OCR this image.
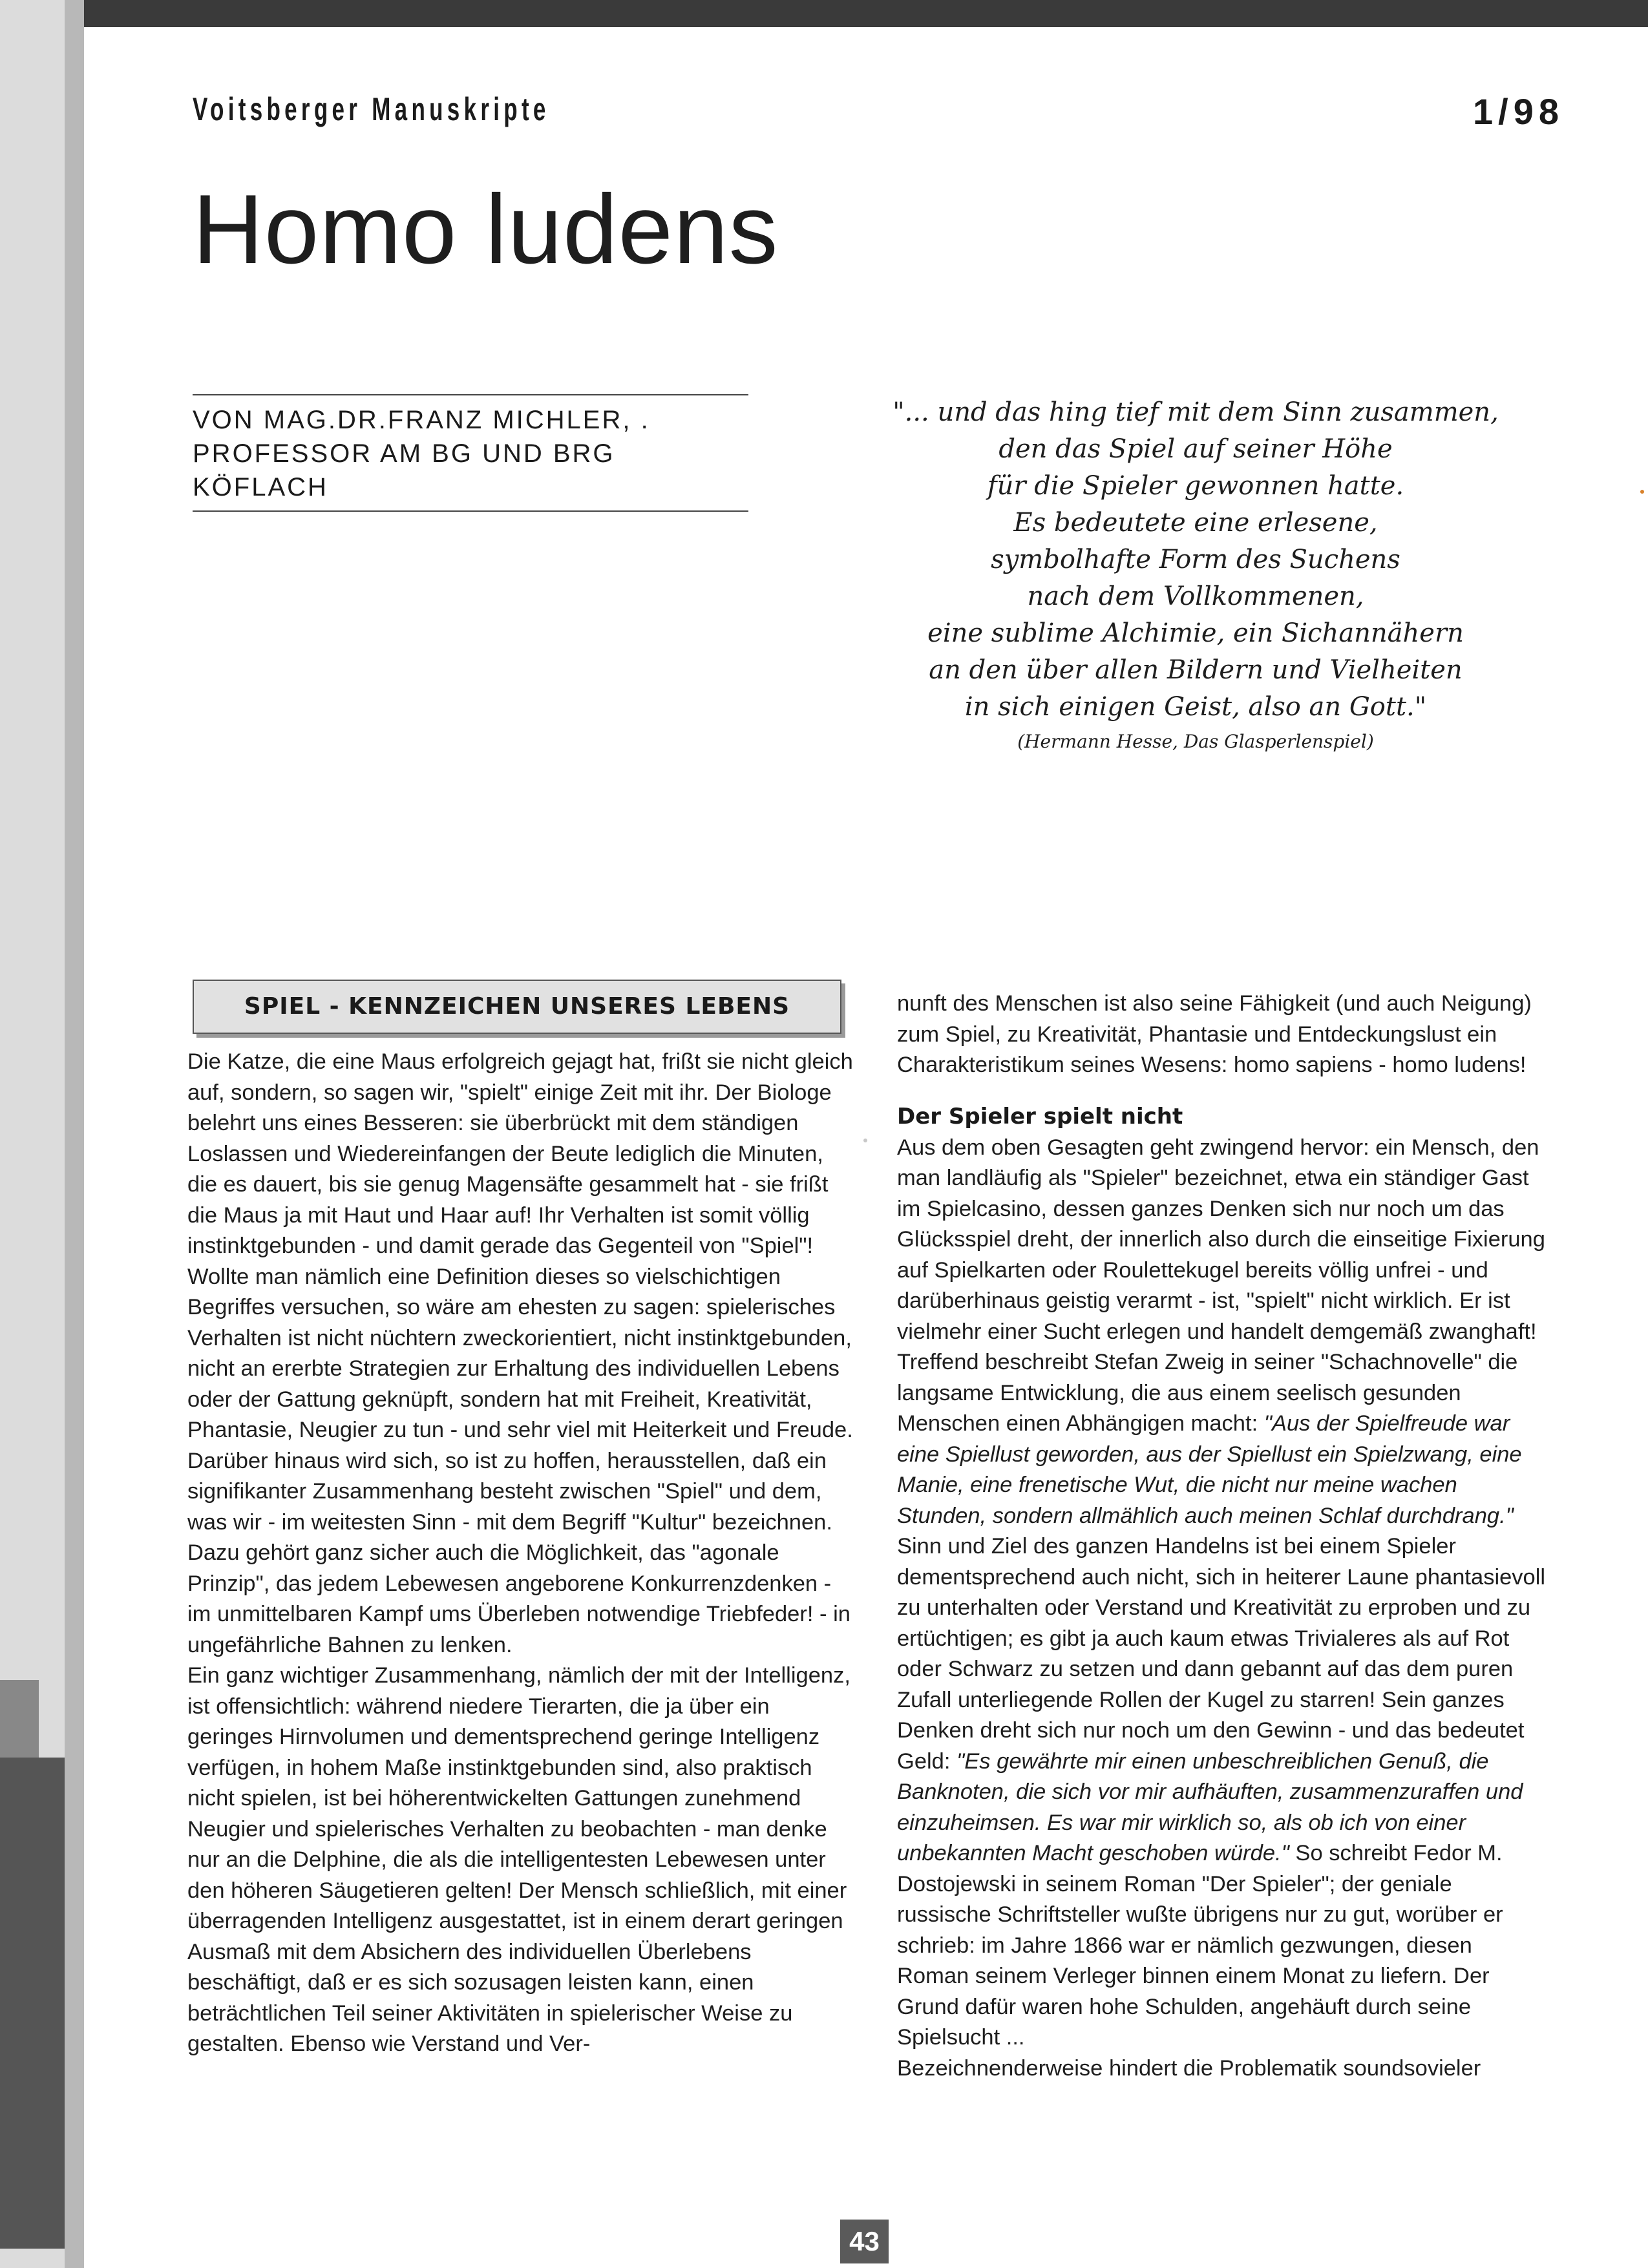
Voitsberger Manuskripte	1/98
Homo ludens
VON MAG.DR.FRANZ MICHLER, .
PROFESSOR AM BG UND BRG KÖFLACH
"... und das hing tief mit dem Sinn zusammen,
den das Spiel auf seiner Höhe
für die Spieler gewonnen hatte.
Es bedeutete eine erlesene,
symbolhafte Form des Suchens
nach dem Vollkommenen,
eine sublime Alchimie, ein Sichannähern
an den über allen Bildern und Vielheiten
in sich einigen Geist, also an Gott."
(Hermann Hesse, Das Glasperlenspiel)
SPIEL - KENNZEICHEN UNSERES LEBENS

Die Katze, die eine Maus erfolgreich gejagt hat, frißt sie nicht gleich auf, sondern, so sagen wir, "spielt" einige Zeit mit ihr. Der Biologe belehrt uns eines Besseren: sie überbrückt mit dem ständigen Loslassen und Wiedereinfangen der Beute lediglich die Minuten, die es dauert, bis sie genug Magensäfte gesammelt hat - sie frißt die Maus ja mit Haut und Haar auf! Ihr Verhalten ist somit völlig instinktgebunden - und damit gerade das Gegenteil von "Spiel"! Wollte man nämlich eine Definition dieses so vielschichtigen Begriffes versuchen, so wäre am ehesten zu sagen: spielerisches Verhalten ist nicht nüchtern zweckorientiert, nicht instinktgebunden, nicht an ererbte Strategien zur Erhaltung des individuellen Lebens oder der Gattung geknüpft, sondern hat mit Freiheit, Kreativität, Phantasie, Neugier zu tun - und sehr viel mit Heiterkeit und Freude. Darüber hinaus wird sich, so ist zu hoffen, herausstellen, daß ein signifikanter Zusammenhang besteht zwischen "Spiel" und dem, was wir - im weitesten Sinn - mit dem Begriff "Kultur" bezeichnen. Dazu gehört ganz sicher auch die Möglichkeit, das "agonale Prinzip", das jedem Lebewesen angeborene Konkurrenzdenken - im unmittelbaren Kampf ums Überleben notwendige Triebfeder! - in ungefährliche Bahnen zu lenken.

Ein ganz wichtiger Zusammenhang, nämlich der mit der Intelligenz, ist offensichtlich: während niedere Tierarten, die ja über ein geringes Hirnvolumen und dementsprechend geringe Intelligenz verfügen, in hohem Maße instinktgebunden sind, also praktisch nicht spielen, ist bei höherentwickelten Gattungen zunehmend Neugier und spielerisches Verhalten zu beobachten - man denke nur an die Delphine, die als die intelligentesten Lebewesen unter den höheren Säugetieren gelten! Der Mensch schließlich, mit einer überragenden Intelligenz ausgestattet, ist in einem derart geringen Ausmaß mit dem Absichern des individuellen Überlebens beschäftigt, daß er es sich sozusagen leisten kann, einen beträchtlichen Teil seiner Aktivitäten in spielerischer Weise zu gestalten. Ebenso wie Verstand und Ver-

nunft des Menschen ist also seine Fähigkeit (und auch Neigung) zum Spiel, zu Kreativität, Phantasie und Entdeckungslust ein Charakteristikum seines Wesens: homo sapiens - homo ludens!

Der Spieler spielt nicht

Aus dem oben Gesagten geht zwingend hervor: ein Mensch, den man landläufig als "Spieler" bezeichnet, etwa ein ständiger Gast im Spielcasino, dessen ganzes Denken sich nur noch um das Glücksspiel dreht, der innerlich also durch die einseitige Fixierung auf Spielkarten oder Roulettekugel bereits völlig unfrei - und darüberhinaus geistig verarmt - ist, "spielt" nicht wirklich. Er ist vielmehr einer Sucht erlegen und handelt demgemäß zwanghaft! Treffend beschreibt Stefan Zweig in seiner "Schachnovelle" die langsame Entwicklung, die aus einem seelisch gesunden Menschen einen Abhängigen macht: "Aus der Spielfreude war eine Spiellust geworden, aus der Spiellust ein Spielzwang, eine Manie, eine frenetische Wut, die nicht nur meine wachen Stunden, sondern allmählich auch meinen Schlaf durchdrang."

Sinn und Ziel des ganzen Handelns ist bei einem Spieler dementsprechend auch nicht, sich in heiterer Laune phantasievoll zu unterhalten oder Verstand und Kreativität zu erproben und zu ertüchtigen; es gibt ja auch kaum etwas Trivialeres als auf Rot oder Schwarz zu setzen und dann gebannt auf das dem puren Zufall unterliegende Rollen der Kugel zu starren! Sein ganzes Denken dreht sich nur noch um den Gewinn - und das bedeutet Geld: "Es gewährte mir einen unbeschreiblichen Genuß, die Banknoten, die sich vor mir aufhäuften, zusammenzuraffen und einzuheimsen. Es war mir wirklich so, als ob ich von einer unbekannten Macht geschoben würde." So schreibt Fedor M. Dostojewski in seinem Roman "Der Spieler"; der geniale russische Schriftsteller wußte übrigens nur zu gut, worüber er schrieb: im Jahre 1866 war er nämlich gezwungen, diesen Roman seinem Verleger binnen einem Monat zu liefern. Der Grund dafür waren hohe Schulden, angehäuft durch seine Spielsucht ...

Bezeichnenderweise hindert die Problematik soundsovieler

43
